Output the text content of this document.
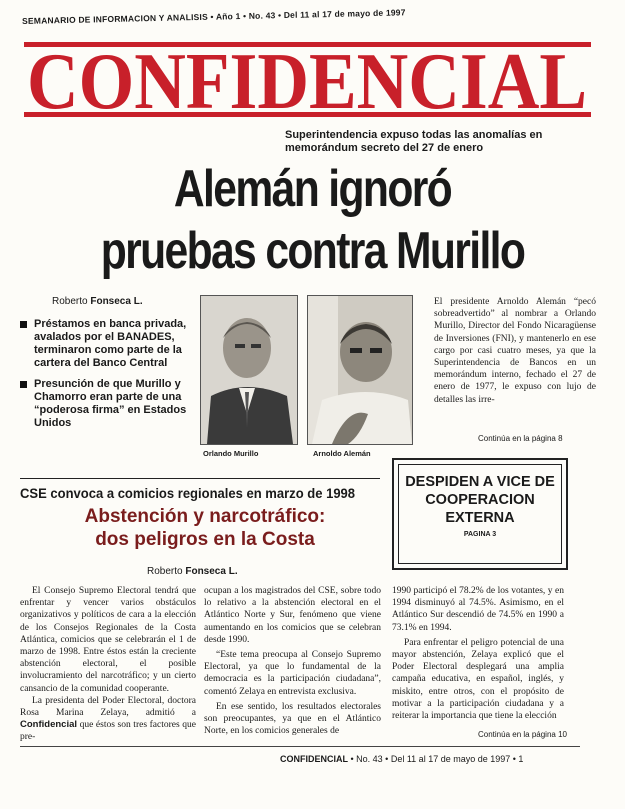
SEMANARIO DE INFORMACION Y ANALISIS • Año 1 • No. 43 • Del 11 al 17 de mayo de 1997
CONFIDENCIAL
Superintendencia expuso todas las anomalías en memorándum secreto del 27 de enero
Alemán ignoró
pruebas contra Murillo
Roberto Fonseca L.
Préstamos en banca privada, avalados por el BANADES, terminaron como parte de la cartera del Banco Central
Presunción de que Murillo y Chamorro eran parte de una “poderosa firma” en Estados Unidos
Orlando Murillo	Arnoldo Alemán
El presidente Arnoldo Alemán “pecó sobreadvertido” al nombrar a Orlando Murillo, Director del Fondo Nicaragüense de Inversiones (FNI), y mantenerlo en ese cargo por casi cuatro meses, ya que la Superintendencia de Bancos en un memorándum interno, fechado el 27 de enero de 1977, le expuso con lujo de detalles las irre-
Continúa en la página 8
DESPIDEN A VICE DE COOPERACION EXTERNA
PAGINA 3
CSE convoca a comicios regionales en marzo de 1998
Abstención y narcotráfico:
dos peligros en la Costa
Roberto Fonseca L.
El Consejo Supremo Electoral tendrá que enfrentar y vencer varios obstáculos organizativos y políticos de cara a la elección de los Consejos Regionales de la Costa Atlántica, comicios que se celebrarán el 1 de marzo de 1998. Entre éstos están la creciente abstención electoral, el posible involucramiento del narcotráfico; y un cierto cansancio de la comunidad cooperante.
La presidenta del Poder Electoral, doctora Rosa Marina Zelaya, admitió a Confidencial que éstos son tres factores que pre-
ocupan a los magistrados del CSE, sobre todo lo relativo a la abstención electoral en el Atlántico Norte y Sur, fenómeno que viene aumentando en los comicios que se celebran desde 1990.
“Este tema preocupa al Consejo Supremo Electoral, ya que lo fundamental de la democracia es la participación ciudadana”, comentó Zelaya en entrevista exclusiva.
En ese sentido, los resultados electorales son preocupantes, ya que en el Atlántico Norte, en los comicios generales de
1990 participó el 78.2% de los votantes, y en 1994 disminuyó al 74.5%. Asimismo, en el Atlántico Sur descendió de 74.5% en 1990 a 73.1% en 1994.
Para enfrentar el peligro potencial de una mayor abstención, Zelaya explicó que el Poder Electoral desplegará una amplia campaña educativa, en español, inglés, y miskito, entre otros, con el propósito de motivar a la participación ciudadana y a reiterar la importancia que tiene la elección
Continúa en la página 10
CONFIDENCIAL • No. 43 • Del 11 al 17 de mayo de 1997 • 1
